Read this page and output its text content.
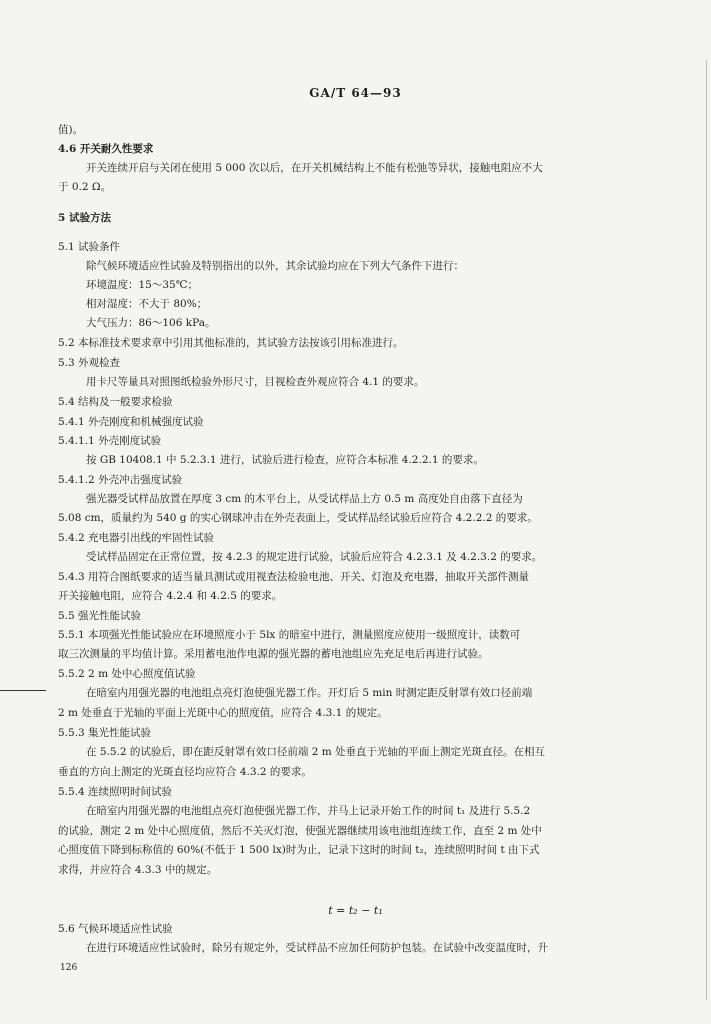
GA/T 64—93
值)。
4.6 开关耐久性要求
开关连续开启与关闭在使用 5 000 次以后，在开关机械结构上不能有松弛等异状，接触电阻应不大
于 0.2 Ω。
5 试验方法
5.1 试验条件
除气候环境适应性试验及特别指出的以外，其余试验均应在下列大气条件下进行：
环境温度：15～35℃；
相对湿度：不大于 80%；
大气压力：86～106 kPa。
5.2 本标准技术要求章中引用其他标准的，其试验方法按该引用标准进行。
5.3 外观检查
用卡尺等量具对照图纸检验外形尺寸，目视检查外观应符合 4.1 的要求。
5.4 结构及一般要求检验
5.4.1 外壳刚度和机械强度试验
5.4.1.1 外壳刚度试验
按 GB 10408.1 中 5.2.3.1 进行，试验后进行检查，应符合本标准 4.2.2.1 的要求。
5.4.1.2 外壳冲击强度试验
强光器受试样品放置在厚度 3 cm 的木平台上，从受试样品上方 0.5 m 高度处自由落下直径为
5.08 cm，质量约为 540 g 的实心钢球冲击在外壳表面上，受试样品经试验后应符合 4.2.2.2 的要求。
5.4.2 充电器引出线的牢固性试验
受试样品固定在正常位置，按 4.2.3 的规定进行试验，试验后应符合 4.2.3.1 及 4.2.3.2 的要求。
5.4.3 用符合图纸要求的适当量具测试或用视查法检验电池、开关、灯泡及充电器，抽取开关部件测量
开关接触电阻，应符合 4.2.4 和 4.2.5 的要求。
5.5 强光性能试验
5.5.1 本项强光性能试验应在环境照度小于 5lx 的暗室中进行，测量照度应使用一级照度计，读数可
取三次测量的平均值计算。采用蓄电池作电源的强光器的蓄电池组应先充足电后再进行试验。
5.5.2 2 m 处中心照度值试验
在暗室内用强光器的电池组点亮灯泡使强光器工作。开灯后 5 min 时测定距反射罩有效口径前端
2 m 处垂直于光轴的平面上光斑中心的照度值，应符合 4.3.1 的规定。
5.5.3 集光性能试验
在 5.5.2 的试验后，即在距反射罩有效口径前端 2 m 处垂直于光轴的平面上测定光斑直径。在相互
垂直的方向上测定的光斑直径均应符合 4.3.2 的要求。
5.5.4 连续照明时间试验
在暗室内用强光器的电池组点亮灯泡使强光器工作，并马上记录开始工作的时间 t₁ 及进行 5.5.2
的试验，测定 2 m 处中心照度值，然后不关灭灯泡，使强光器继续用该电池组连续工作，直至 2 m 处中
心照度值下降到标称值的 60%(不低于 1 500 lx)时为止，记录下这时的时间 t₂，连续照明时间 t 由下式
求得，并应符合 4.3.3 中的规定。
t = t₂ − t₁
5.6 气候环境适应性试验
在进行环境适应性试验时，除另有规定外，受试样品不应加任何防护包装。在试验中改变温度时，升
126
